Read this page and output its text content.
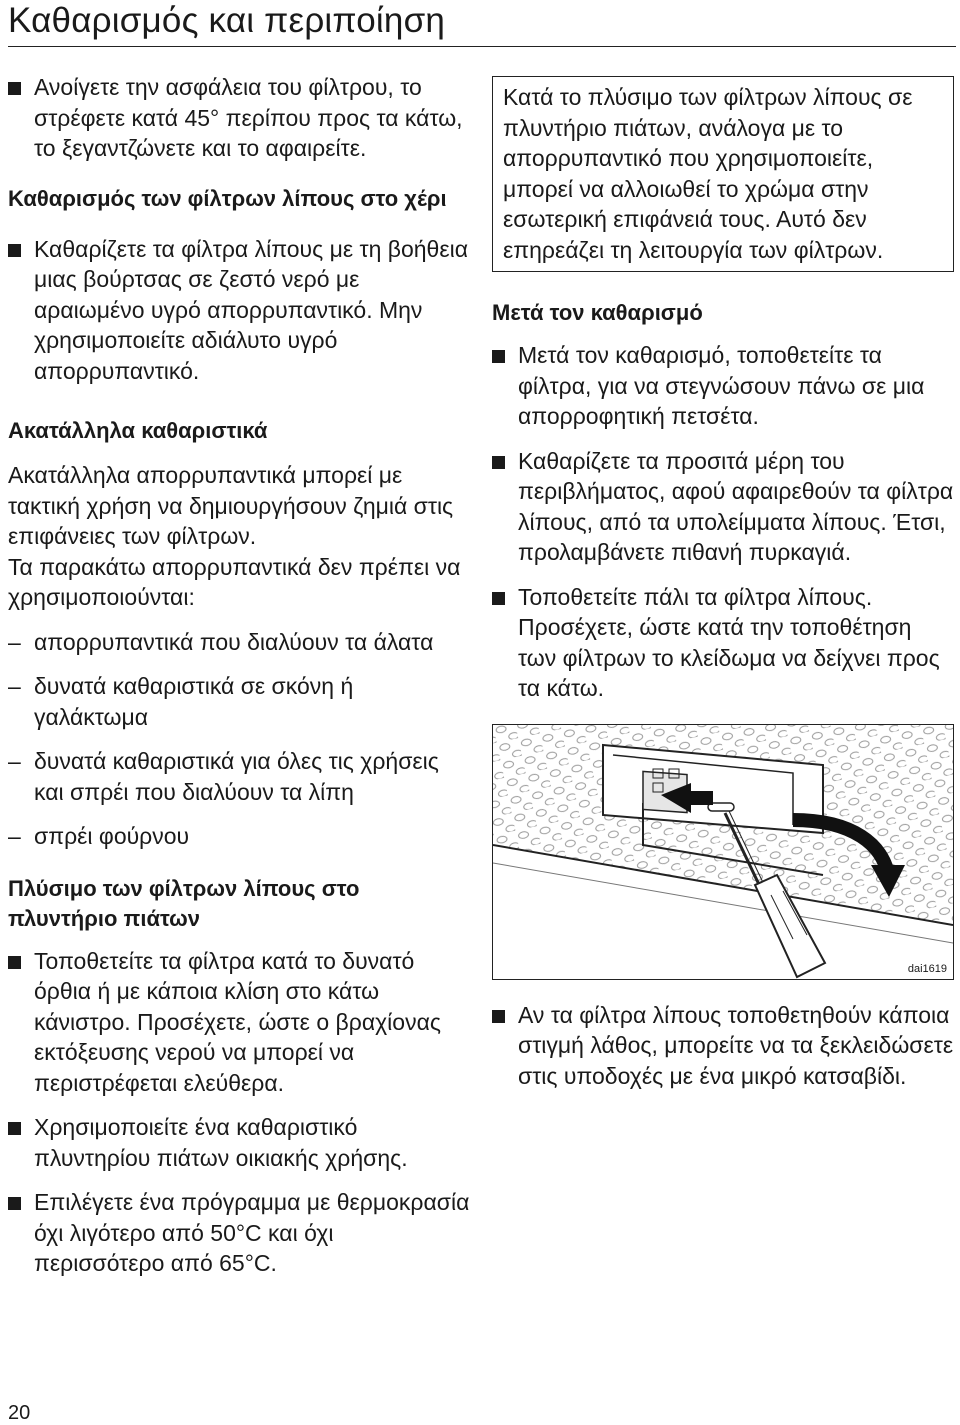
Καθαρισμός και περιποίηση
Ανοίγετε την ασφάλεια του φίλτρου, το στρέφετε κατά 45° περίπου προς τα κάτω, το ξεγαντζώνετε και το αφαιρείτε.
Καθαρισμός των φίλτρων λίπους στο χέρι
Καθαρίζετε τα φίλτρα λίπους με τη βοήθεια μιας βούρτσας σε ζεστό νερό με αραιωμένο υγρό απορρυπαντικό. Μην χρησιμοποιείτε αδιάλυτο υγρό απορρυπαντικό.
Ακατάλληλα καθαριστικά

Ακατάλληλα απορρυπαντικά μπορεί με τακτική χρήση να δημιουργήσουν ζημιά στις επιφάνειες των φίλτρων.

Τα παρακάτω απορρυπαντικά δεν πρέπει να χρησιμοποιούνται:

– απορρυπαντικά που διαλύουν τα άλατα
– δυνατά καθαριστικά σε σκόνη ή γαλάκτωμα
– δυνατά καθαριστικά για όλες τις χρήσεις και σπρέι που διαλύουν τα λίπη
– σπρέι φούρνου
Πλύσιμο των φίλτρων λίπους στο πλυντήριο πιάτων
Τοποθετείτε τα φίλτρα κατά το δυνατό όρθια ή με κάποια κλίση στο κάτω κάνιστρο. Προσέχετε, ώστε ο βραχίονας εκτόξευσης νερού να μπορεί να περιστρέφεται ελεύθερα.
Χρησιμοποιείτε ένα καθαριστικό πλυντηρίου πιάτων οικιακής χρήσης.
Επιλέγετε ένα πρόγραμμα με θερμοκρασία όχι λιγότερο από 50°C και όχι περισσότερο από 65°C.
Κατά το πλύσιμο των φίλτρων λίπους σε πλυντήριο πιάτων, ανάλογα με το απορρυπαντικό που χρησιμοποιείτε, μπορεί να αλλοιωθεί το χρώμα στην εσωτερική επιφάνειά τους. Αυτό δεν επηρεάζει τη λειτουργία των φίλτρων.
Μετά τον καθαρισμό
Μετά τον καθαρισμό, τοποθετείτε τα φίλτρα, για να στεγνώσουν πάνω σε μια απορροφητική πετσέτα.
Καθαρίζετε τα προσιτά μέρη του περιβλήματος, αφού αφαιρεθούν τα φίλτρα λίπους, από τα υπολείμματα λίπους. Έτσι, προλαμβάνετε πιθανή πυρκαγιά.
Τοποθετείτε πάλι τα φίλτρα λίπους. Προσέχετε, ώστε κατά την τοποθέτηση των φίλτρων το κλείδωμα να δείχνει προς τα κάτω.
dai1619
Αν τα φίλτρα λίπους τοποθετηθούν κάποια στιγμή λάθος, μπορείτε να τα ξεκλειδώσετε στις υποδοχές με ένα μικρό κατσαβίδι.
20
